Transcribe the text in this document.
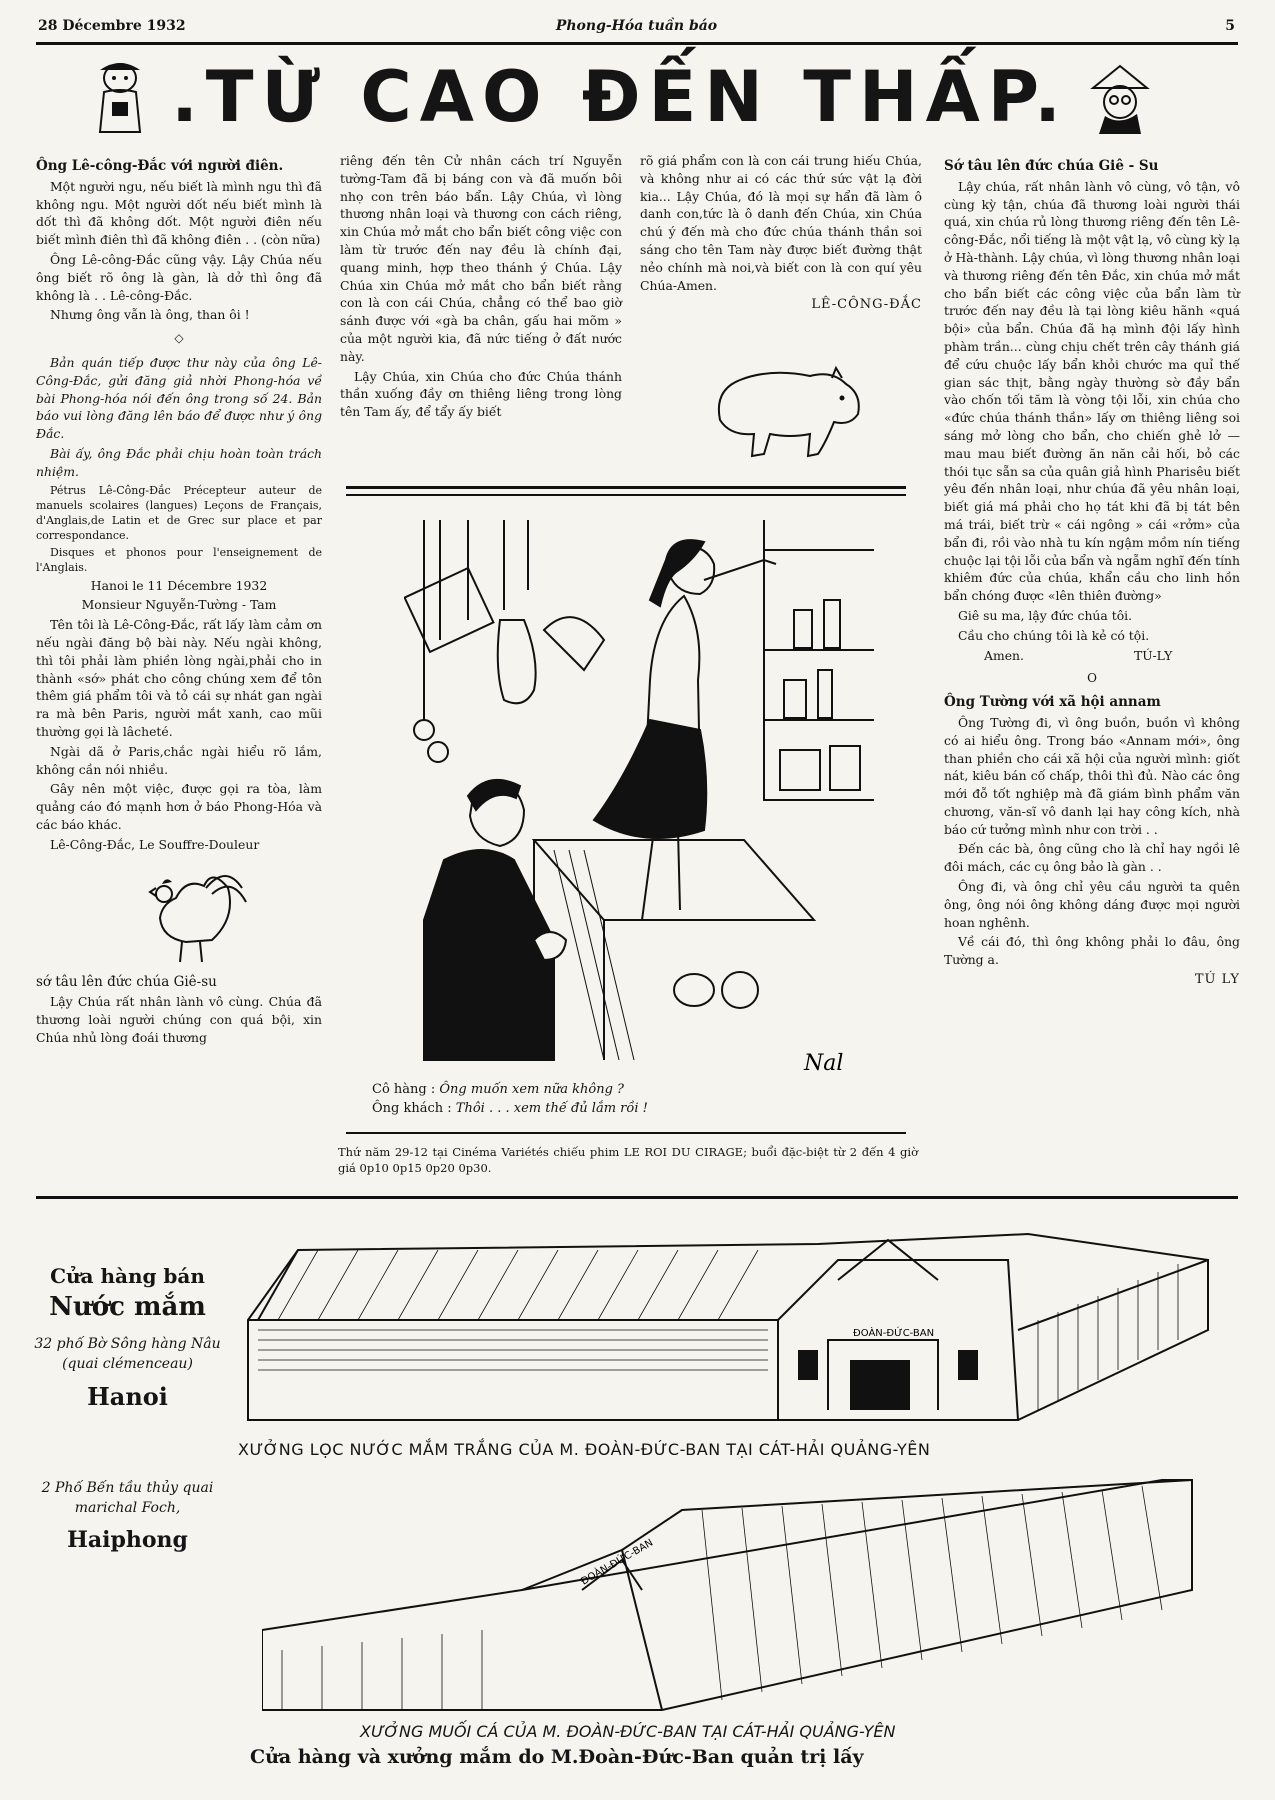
28 Décembre 1932	Phong-Hóa tuần báo	5
.TỪ CAO ĐẾN THẤP.
Ông Lê-công-Đắc với người điên.

Một người ngu, nếu biết là mình ngu thì đã không ngu. Một người dốt nếu biết mình là dốt thì đã không dốt. Một người điên nếu biết mình điên thì đã không điên . . (còn nữa)

Ông Lê-công-Đắc cũng vậy. Lậy Chúa nếu ông biết rõ ông là gàn, là dở thì ông đã không là . . Lê-công-Đắc.

Nhưng ông vẫn là ông, than ôi !

◇

Bản quán tiếp được thư này của ông Lê-Công-Đắc, gửi đăng giả nhời Phong-hóa về bài Phong-hóa nói đến ông trong số 24. Bản báo vui lòng đăng lên báo để được như ý ông Đắc.

Bài ấy, ông Đắc phải chịu hoàn toàn trách nhiệm.

Pétrus Lê-Công-Đắc Précepteur auteur de manuels scolaires (langues) Leçons de Français, d'Anglais,de Latin et de Grec sur place et par correspondance.

Disques et phonos pour l'enseignement de l'Anglais.

Hanoi le 11 Décembre 1932

Monsieur Nguyễn-Tường - Tam

Tên tôi là Lê-Công-Đắc, rất lấy làm cảm ơn nếu ngài đăng bộ bài này. Nếu ngài không, thì tôi phải làm phiền lòng ngài,phải cho in thành «sớ» phát cho công chúng xem để tôn thêm giá phẩm tôi và tỏ cái sự nhát gan ngài ra mà bên Paris, người mắt xanh, cao mũi thường gọi là lâcheté.

Ngài dã ở Paris,chắc ngài hiểu rõ lắm, không cần nói nhiều.

Gây nên một việc, được gọi ra tòa, làm quảng cáo đó mạnh hơn ở báo Phong-Hóa và các báo khác.

Lê-Công-Đắc, Le Souffre-Douleur

sớ tâu lên đức chúa Giê-su

Lậy Chúa rất nhân lành vô cùng. Chúa đã thương loài người chúng con quá bội, xin Chúa nhủ lòng đoái thương

riêng đến tên Cử nhân cách trí Nguyễn tường-Tam đã bị báng con và đã muốn bôi nhọ con trên báo bẩn. Lậy Chúa, vì lòng thương nhân loại và thương con cách riêng, xin Chúa mở mắt cho bẩn biết công việc con làm từ trước đến nay đều là chính đại, quang minh, hợp theo thánh ý Chúa. Lậy Chúa xin Chúa mở mắt cho bẩn biết rằng con là con cái Chúa, chẳng có thể bao giờ sánh được với «gà ba chân, gấu hai mõm » của một người kia, đã nức tiếng ở đất nước này.

Lậy Chúa, xin Chúa cho đức Chúa thánh thần xuống đầy ơn thiêng liêng trong lòng tên Tam ấy, để tẩy ấy biết

rõ giá phẩm con là con cái trung hiếu Chúa, và không như ai có các thứ sức vật lạ đời kia... Lậy Chúa, đó là mọi sự hẩn đã làm ô danh con,tức là ô danh đến Chúa, xin Chúa chú ý đến mà cho đức chúa thánh thần soi sáng cho tên Tam này được biết đường thật nẻo chính mà noi,và biết con là con quí yêu Chúa-Amen.

LÊ-CÔNG-ĐẮC

Nal
Cô hàng : Ông muốn xem nữa không ?
Ông khách : Thôi . . . xem thế đủ lắm rồi !

Thứ năm 29-12 tại Cinéma Variétés chiếu phim LE ROI DU CIRAGE; buổi đặc-biệt từ 2 đến 4 giờ giá 0p10 0p15 0p20 0p30.

Sớ tâu lên đức chúa Giê - Su

Lậy chúa, rất nhân lành vô cùng, vô tận, vô cùng kỳ tận, chúa đã thương loài người thái quá, xin chúa rủ lòng thương riêng đến tên Lê-công-Đắc, nổi tiếng là một vật lạ, vô cùng kỳ lạ ở Hà-thành. Lậy chúa, vì lòng thương nhân loại và thương riêng đến tên Đắc, xin chúa mở mắt cho bẩn biết các công việc của bẩn làm từ trước đến nay đều là tại lòng kiêu hãnh «quá bội» của bẩn. Chúa đã hạ mình đội lấy hình phàm trần... cùng chịu chết trên cây thánh giá để cứu chuộc lấy bẩn khỏi chước ma quỉ thế gian sác thịt, bằng ngày thường sờ đầy bẩn vào chốn tối tăm là vòng tội lỗi, xin chúa cho «đức chúa thánh thần» lấy ơn thiêng liêng soi sáng mở lòng cho bẩn, cho chiến ghẻ lở — mau mau biết đường ăn năn cải hối, bỏ các thói tục sẵn sa của quân giả hình Pharisêu biết yêu đến nhân loại, như chúa đã yêu nhân loại, biết giá má phải cho họ tát khi đã bị tát bên má trái, biết trừ « cái ngông » cái «rởm» của bẩn đi, rồi vào nhà tu kín ngậm mồm nín tiếng chuộc lại tội lỗi của bẩn và ngẫm nghĩ đến tính khiêm đức của chúa, khẩn cầu cho linh hồn bẩn chóng được «lên thiên đường»

Giê su ma, lậy đức chúa tôi.

Cầu cho chúng tôi là kẻ có tội.

Amen.	TÚ-LY

O

Ông Tường với xã hội annam

Ông Tường đi, vì ông buồn, buồn vì không có ai hiểu ông. Trong báo «Annam mới», ông than phiền cho cái xã hội của người mình: giốt nát, kiêu bán cố chấp, thôi thì đủ. Nào các ông mới đỗ tốt nghiệp mà đã giám bình phẩm văn chương, văn-sĩ vô danh lại hay công kích, nhà báo cứ tưởng mình như con trời . .

Đến các bà, ông cũng cho là chỉ hay ngồi lê đôi mách, các cụ ông bảo là gàn . .

Ông đi, và ông chỉ yêu cầu người ta quên ông, ông nói ông không dáng được mọi người hoan nghênh.

Về cái đó, thì ông không phải lo đâu, ông Tường a.

TÚ LY

Cửa hàng bán
Nước mắm
32 phố Bờ Sông hàng Nâu (quai clémenceau)
Hanoi
2 Phố Bến tầu thủy quai marichal Foch,
Haiphong
ĐOÀN-ĐỨC-BAN
XƯỞNG LỌC NƯỚC MẮM TRẮNG CỦA M. ĐOÀN-ĐỨC-BAN TẠI CÁT-HẢI QUẢNG-YÊN
ĐOÀN-ĐỨC-BAN
XƯỞNG MUỐI CÁ CỦA M. ĐOÀN-ĐỨC-BAN TẠI CÁT-HẢI QUẢNG-YÊN
Cửa hàng và xưởng mắm do M.Đoàn-Đức-Ban quản trị lấy
